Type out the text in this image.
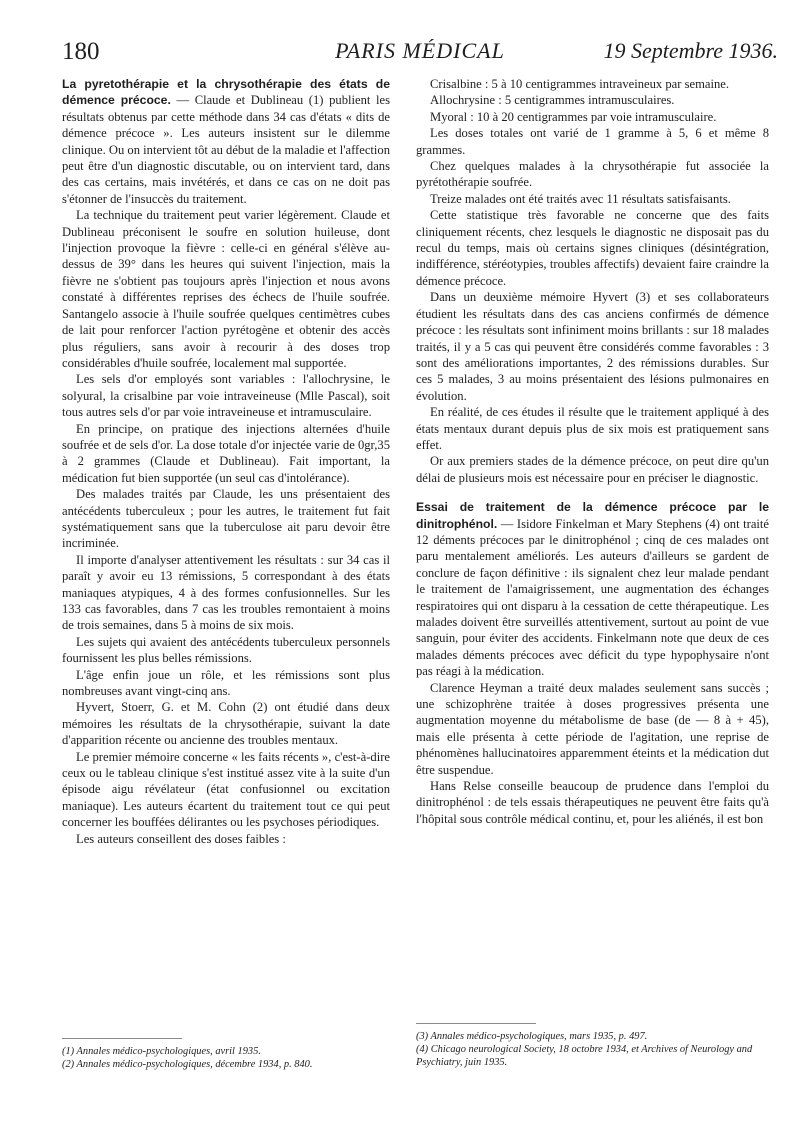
180	PARIS MÉDICAL	19 Septembre 1936.

La pyretothérapie et la chrysothérapie des états de démence précoce. — Claude et Dublineau (1) publient les résultats obtenus par cette méthode dans 34 cas d'états « dits de démence précoce ». Les auteurs insistent sur le dilemme clinique. Ou on intervient tôt au début de la maladie et l'affection peut être d'un diagnostic discutable, ou on intervient tard, dans des cas certains, mais invétérés, et dans ce cas on ne doit pas s'étonner de l'insuccès du traitement.

La technique du traitement peut varier légèrement. Claude et Dublineau préconisent le soufre en solution huileuse, dont l'injection provoque la fièvre : celle-ci en général s'élève au-dessus de 39° dans les heures qui suivent l'injection, mais la fièvre ne s'obtient pas toujours après l'injection et nous avons constaté à différentes reprises des échecs de l'huile soufrée. Santangelo associe à l'huile soufrée quelques centimètres cubes de lait pour renforcer l'action pyrétogène et obtenir des accès plus réguliers, sans avoir à recourir à des doses trop considérables d'huile soufrée, localement mal supportée.

Les sels d'or employés sont variables : l'allochrysine, le solyural, la crisalbine par voie intraveineuse (Mlle Pascal), soit tous autres sels d'or par voie intraveineuse et intramusculaire.

En principe, on pratique des injections alternées d'huile soufrée et de sels d'or. La dose totale d'or injectée varie de 0gr,35 à 2 grammes (Claude et Dublineau). Fait important, la médication fut bien supportée (un seul cas d'intolérance).

Des malades traités par Claude, les uns présentaient des antécédents tuberculeux ; pour les autres, le traitement fut fait systématiquement sans que la tuberculose ait paru devoir être incriminée.

Il importe d'analyser attentivement les résultats : sur 34 cas il paraît y avoir eu 13 rémissions, 5 correspondant à des états maniaques atypiques, 4 à des formes confusionnelles. Sur les 133 cas favorables, dans 7 cas les troubles remontaient à moins de trois semaines, dans 5 à moins de six mois.

Les sujets qui avaient des antécédents tuberculeux personnels fournissent les plus belles rémissions.

L'âge enfin joue un rôle, et les rémissions sont plus nombreuses avant vingt-cinq ans.

Hyvert, Stoerr, G. et M. Cohn (2) ont étudié dans deux mémoires les résultats de la chrysothérapie, suivant la date d'apparition récente ou ancienne des troubles mentaux.

Le premier mémoire concerne « les faits récents », c'est-à-dire ceux ou le tableau clinique s'est institué assez vite à la suite d'un épisode aigu révélateur (état confusionnel ou excitation maniaque). Les auteurs écartent du traitement tout ce qui peut concerner les bouffées délirantes ou les psychoses périodiques.

Les auteurs conseillent des doses faibles :

Crisalbine : 5 à 10 centigrammes intraveineux par semaine.

Allochrysine : 5 centigrammes intramusculaires.

Myoral : 10 à 20 centigrammes par voie intramusculaire.

Les doses totales ont varié de 1 gramme à 5, 6 et même 8 grammes.

Chez quelques malades à la chrysothérapie fut associée la pyrétothérapie soufrée.

Treize malades ont été traités avec 11 résultats satisfaisants.

Cette statistique très favorable ne concerne que des faits cliniquement récents, chez lesquels le diagnostic ne disposait pas du recul du temps, mais où certains signes cliniques (désintégration, indifférence, stéréotypies, troubles affectifs) devaient faire craindre la démence précoce.

Dans un deuxième mémoire Hyvert (3) et ses collaborateurs étudient les résultats dans des cas anciens confirmés de démence précoce : les résultats sont infiniment moins brillants : sur 18 malades traités, il y a 5 cas qui peuvent être considérés comme favorables : 3 sont des améliorations importantes, 2 des rémissions durables. Sur ces 5 malades, 3 au moins présentaient des lésions pulmonaires en évolution.

En réalité, de ces études il résulte que le traitement appliqué à des états mentaux durant depuis plus de six mois est pratiquement sans effet.

Or aux premiers stades de la démence précoce, on peut dire qu'un délai de plusieurs mois est nécessaire pour en préciser le diagnostic.

Essai de traitement de la démence précoce par le dinitrophénol. — Isidore Finkelman et Mary Stephens (4) ont traité 12 déments précoces par le dinitrophénol ; cinq de ces malades ont paru mentalement améliorés. Les auteurs d'ailleurs se gardent de conclure de façon définitive : ils signalent chez leur malade pendant le traitement de l'amaigrissement, une augmentation des échanges respiratoires qui ont disparu à la cessation de cette thérapeutique. Les malades doivent être surveillés attentivement, surtout au point de vue sanguin, pour éviter des accidents. Finkelmann note que deux de ces malades déments précoces avec déficit du type hypophysaire n'ont pas réagi à la médication.

Clarence Heyman a traité deux malades seulement sans succès ; une schizophrène traitée à doses progressives présenta une augmentation moyenne du métabolisme de base (de — 8 à + 45), mais elle présenta à cette période de l'agitation, une reprise de phénomènes hallucinatoires apparemment éteints et la médication dut être suspendue.

Hans Relse conseille beaucoup de prudence dans l'emploi du dinitrophénol : de tels essais thérapeutiques ne peuvent être faits qu'à l'hôpital sous contrôle médical continu, et, pour les aliénés, il est bon

(1) Annales médico-psychologiques, avril 1935.

(2) Annales médico-psychologiques, décembre 1934, p. 840.

(3) Annales médico-psychologiques, mars 1935, p. 497.

(4) Chicago neurological Society, 18 octobre 1934, et Archives of Neurology and Psychiatry, juin 1935.
